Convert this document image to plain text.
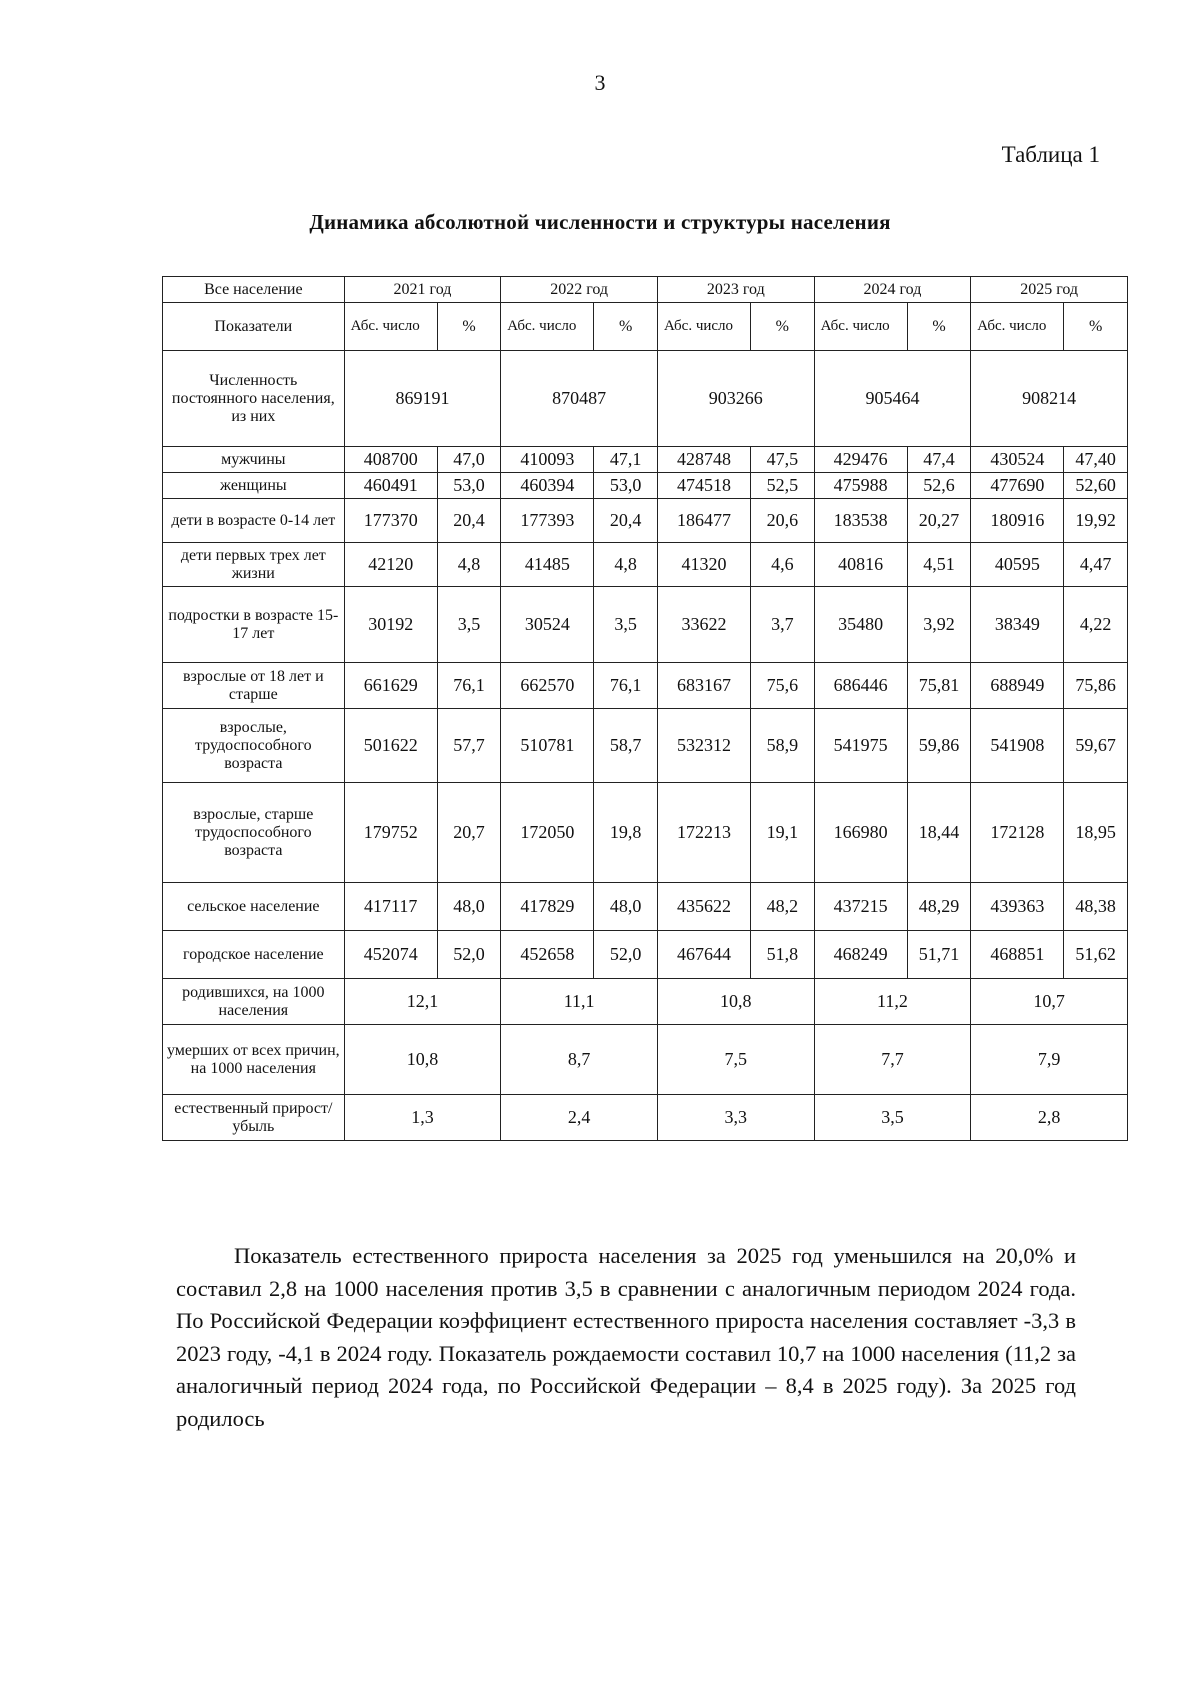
3
Таблица 1
Динамика абсолютной численности и структуры населения
Все население	2021 год		2022 год		2023 год		2024 год		2025 год	
Показатели	Абс. число	%	Абс. число	%	Абс. число	%	Абс. число	%	Абс. число	%
Численность постоянного населения, из них	869191		870487		903266		905464		908214	
мужчины	408700	47,0	410093	47,1	428748	47,5	429476	47,4	430524	47,40
женщины	460491	53,0	460394	53,0	474518	52,5	475988	52,6	477690	52,60
дети в возрасте 0-14 лет	177370	20,4	177393	20,4	186477	20,6	183538	20,27	180916	19,92
дети первых трех лет жизни	42120	4,8	41485	4,8	41320	4,6	40816	4,51	40595	4,47
подростки в возрасте 15-17 лет	30192	3,5	30524	3,5	33622	3,7	35480	3,92	38349	4,22
взрослые от 18 лет и старше	661629	76,1	662570	76,1	683167	75,6	686446	75,81	688949	75,86
взрослые, трудоспособного возраста	501622	57,7	510781	58,7	532312	58,9	541975	59,86	541908	59,67
взрослые, старше трудоспособного возраста	179752	20,7	172050	19,8	172213	19,1	166980	18,44	172128	18,95
сельское население	417117	48,0	417829	48,0	435622	48,2	437215	48,29	439363	48,38
городское население	452074	52,0	452658	52,0	467644	51,8	468249	51,71	468851	51,62
родившихся, на 1000 населения	12,1		11,1		10,8		11,2		10,7	
умерших от всех причин, на 1000 населения	10,8		8,7		7,5		7,7		7,9	
естественный прирост/убыль	1,3		2,4		3,3		3,5		2,8	
Показатель естественного прироста населения за 2025 год уменьшился на 20,0% и составил 2,8 на 1000 населения против 3,5 в сравнении с аналогичным периодом 2024 года. По Российской Федерации коэффициент естественного прироста населения составляет -3,3 в 2023 году, -4,1 в 2024 году. Показатель рождаемости составил 10,7 на 1000 населения (11,2 за аналогичный период 2024 года, по Российской Федерации – 8,4 в 2025 году). За 2025 год родилось
